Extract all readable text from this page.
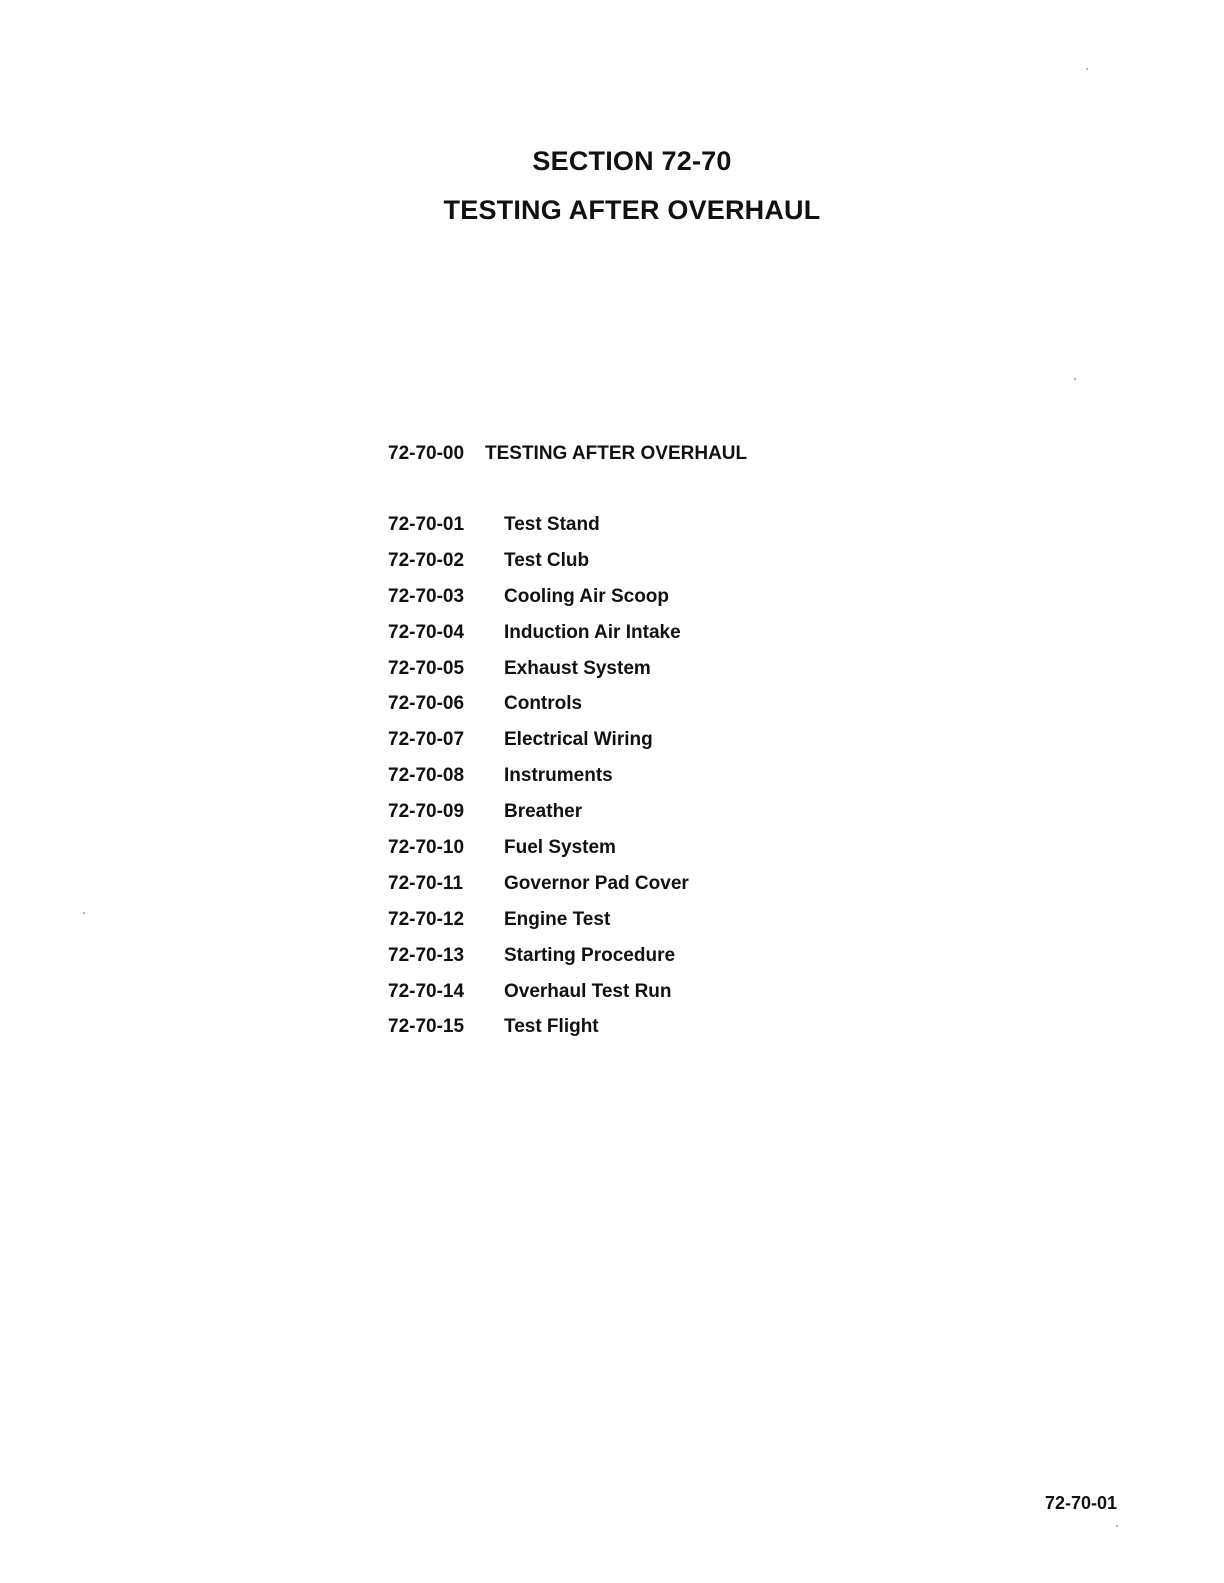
SECTION 72-70
TESTING AFTER OVERHAUL
72-70-00 TESTING AFTER OVERHAUL
72-70-01 Test Stand
72-70-02 Test Club
72-70-03 Cooling Air Scoop
72-70-04 Induction Air Intake
72-70-05 Exhaust System
72-70-06 Controls
72-70-07 Electrical Wiring
72-70-08 Instruments
72-70-09 Breather
72-70-10 Fuel System
72-70-11 Governor Pad Cover
72-70-12 Engine Test
72-70-13 Starting Procedure
72-70-14 Overhaul Test Run
72-70-15 Test Flight
72-70-01
